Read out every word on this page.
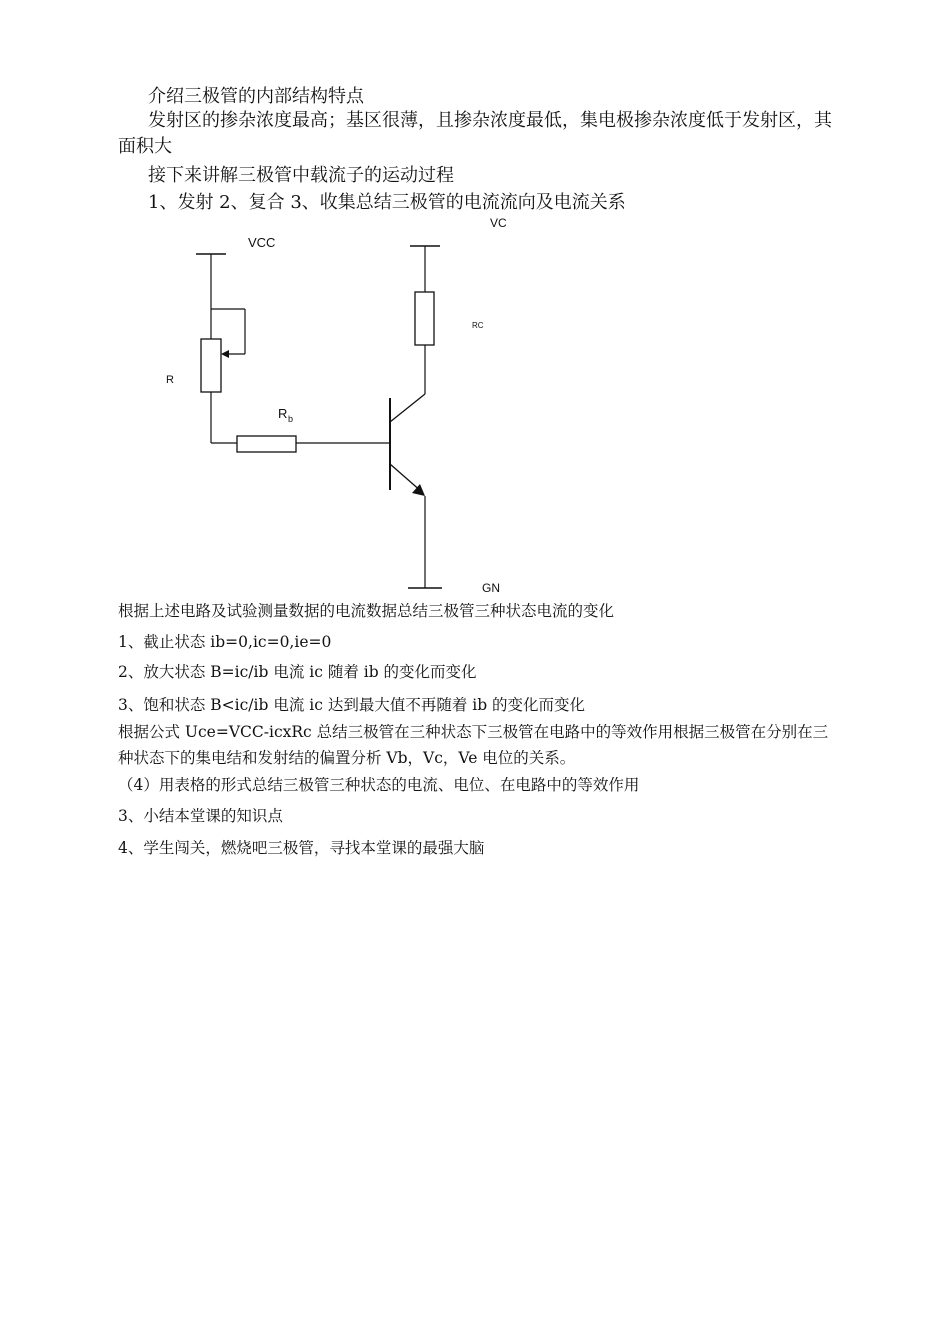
介绍三极管的内部结构特点
发射区的掺杂浓度最高；基区很薄，且掺杂浓度最低，集电极掺杂浓度低于发射区，其面积大
接下来讲解三极管中载流子的运动过程
1、发射 2、复合 3、收集总结三极管的电流流向及电流关系
VCC
VC
RC
R
R b
GN
根据上述电路及试验测量数据的电流数据总结三极管三种状态电流的变化
1、截止状态 ib=0,ic=0,ie=0
2、放大状态 B=ic/ib 电流 ic 随着 ib 的变化而变化
3、饱和状态 B<ic/ib 电流 ic 达到最大值不再随着 ib 的变化而变化
根据公式 Uce=VCC-icxRc 总结三极管在三种状态下三极管在电路中的等效作用根据三极管在分别在三种状态下的集电结和发射结的偏置分析 Vb，Vc，Ve 电位的关系。
（4）用表格的形式总结三极管三种状态的电流、电位、在电路中的等效作用
3、小结本堂课的知识点
4、学生闯关，燃烧吧三极管，寻找本堂课的最强大脑
